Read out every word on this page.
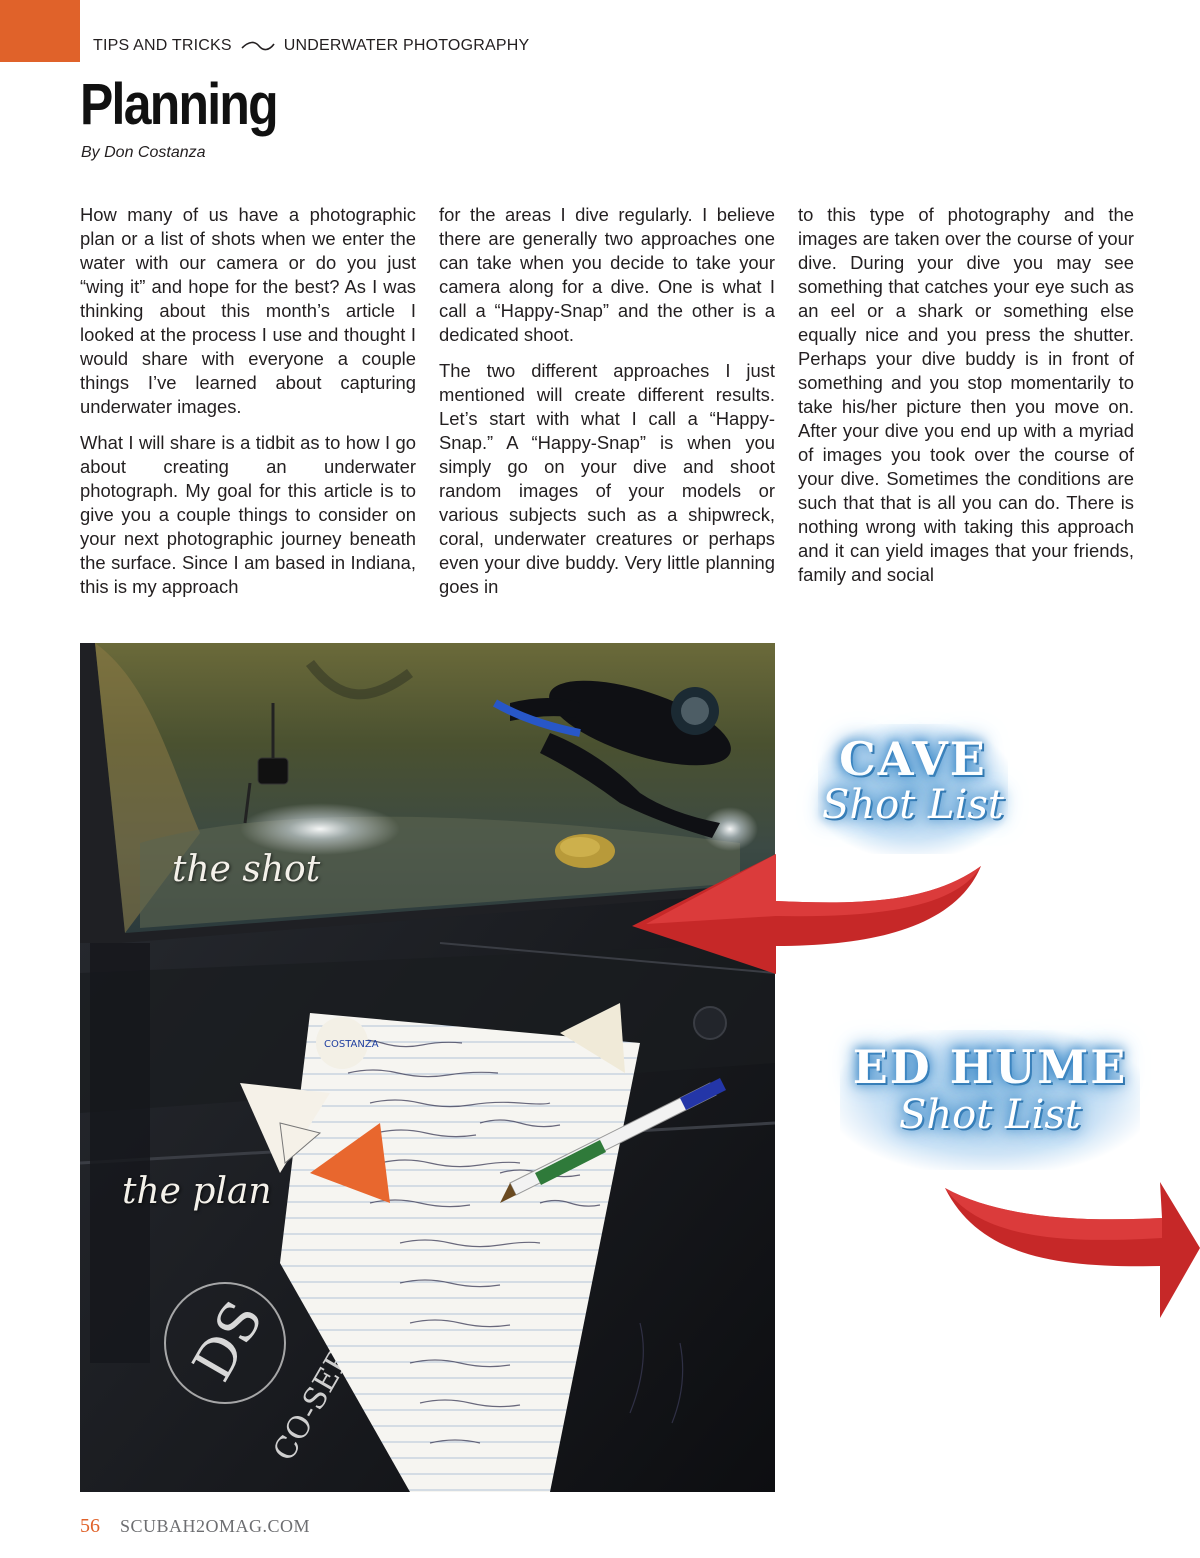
TIPS AND TRICKS	UNDERWATER PHOTOGRAPHY
Planning
By Don Costanza

How many of us have a photographic plan or a list of shots when we enter the water with our camera or do you just “wing it” and hope for the best? As I was thinking about this month’s article I looked at the process I use and thought I would share with everyone a couple things I’ve learned about capturing underwater images.

What I will share is a tidbit as to how I go about creating an underwater photograph. My goal for this article is to give you a couple things to consider on your next photographic journey beneath the surface. Since I am based in Indiana, this is my approach

for the areas I dive regularly. I believe there are generally two approaches one can take when you decide to take your camera along for a dive. One is what I call a “Happy-Snap” and the other is a dedicated shoot.

The two different approaches I just mentioned will create different results. Let’s start with what I call a “Happy-Snap.” A “Happy-Snap” is when you simply go on your dive and shoot random images of your models or various subjects such as a shipwreck, coral, underwater creatures or perhaps even your dive buddy. Very little planning goes in

to this type of photography and the images are taken over the course of your dive. During your dive you may see something that catches your eye such as an eel or a shark or something else equally nice and you press the shutter. Perhaps your dive buddy is in front of something and you stop momentarily to take his/her picture then you move on. After your dive you end up with a myriad of images you took over the course of your dive. Sometimes the conditions are such that that is all you can do. There is nothing wrong with taking this approach and it can yield images that your friends, family and social

DS
COSTANZA
the shot
the plan
CAVE
Shot List
ED HUME
Shot List
56 SCUBAH2OMAG.COM
